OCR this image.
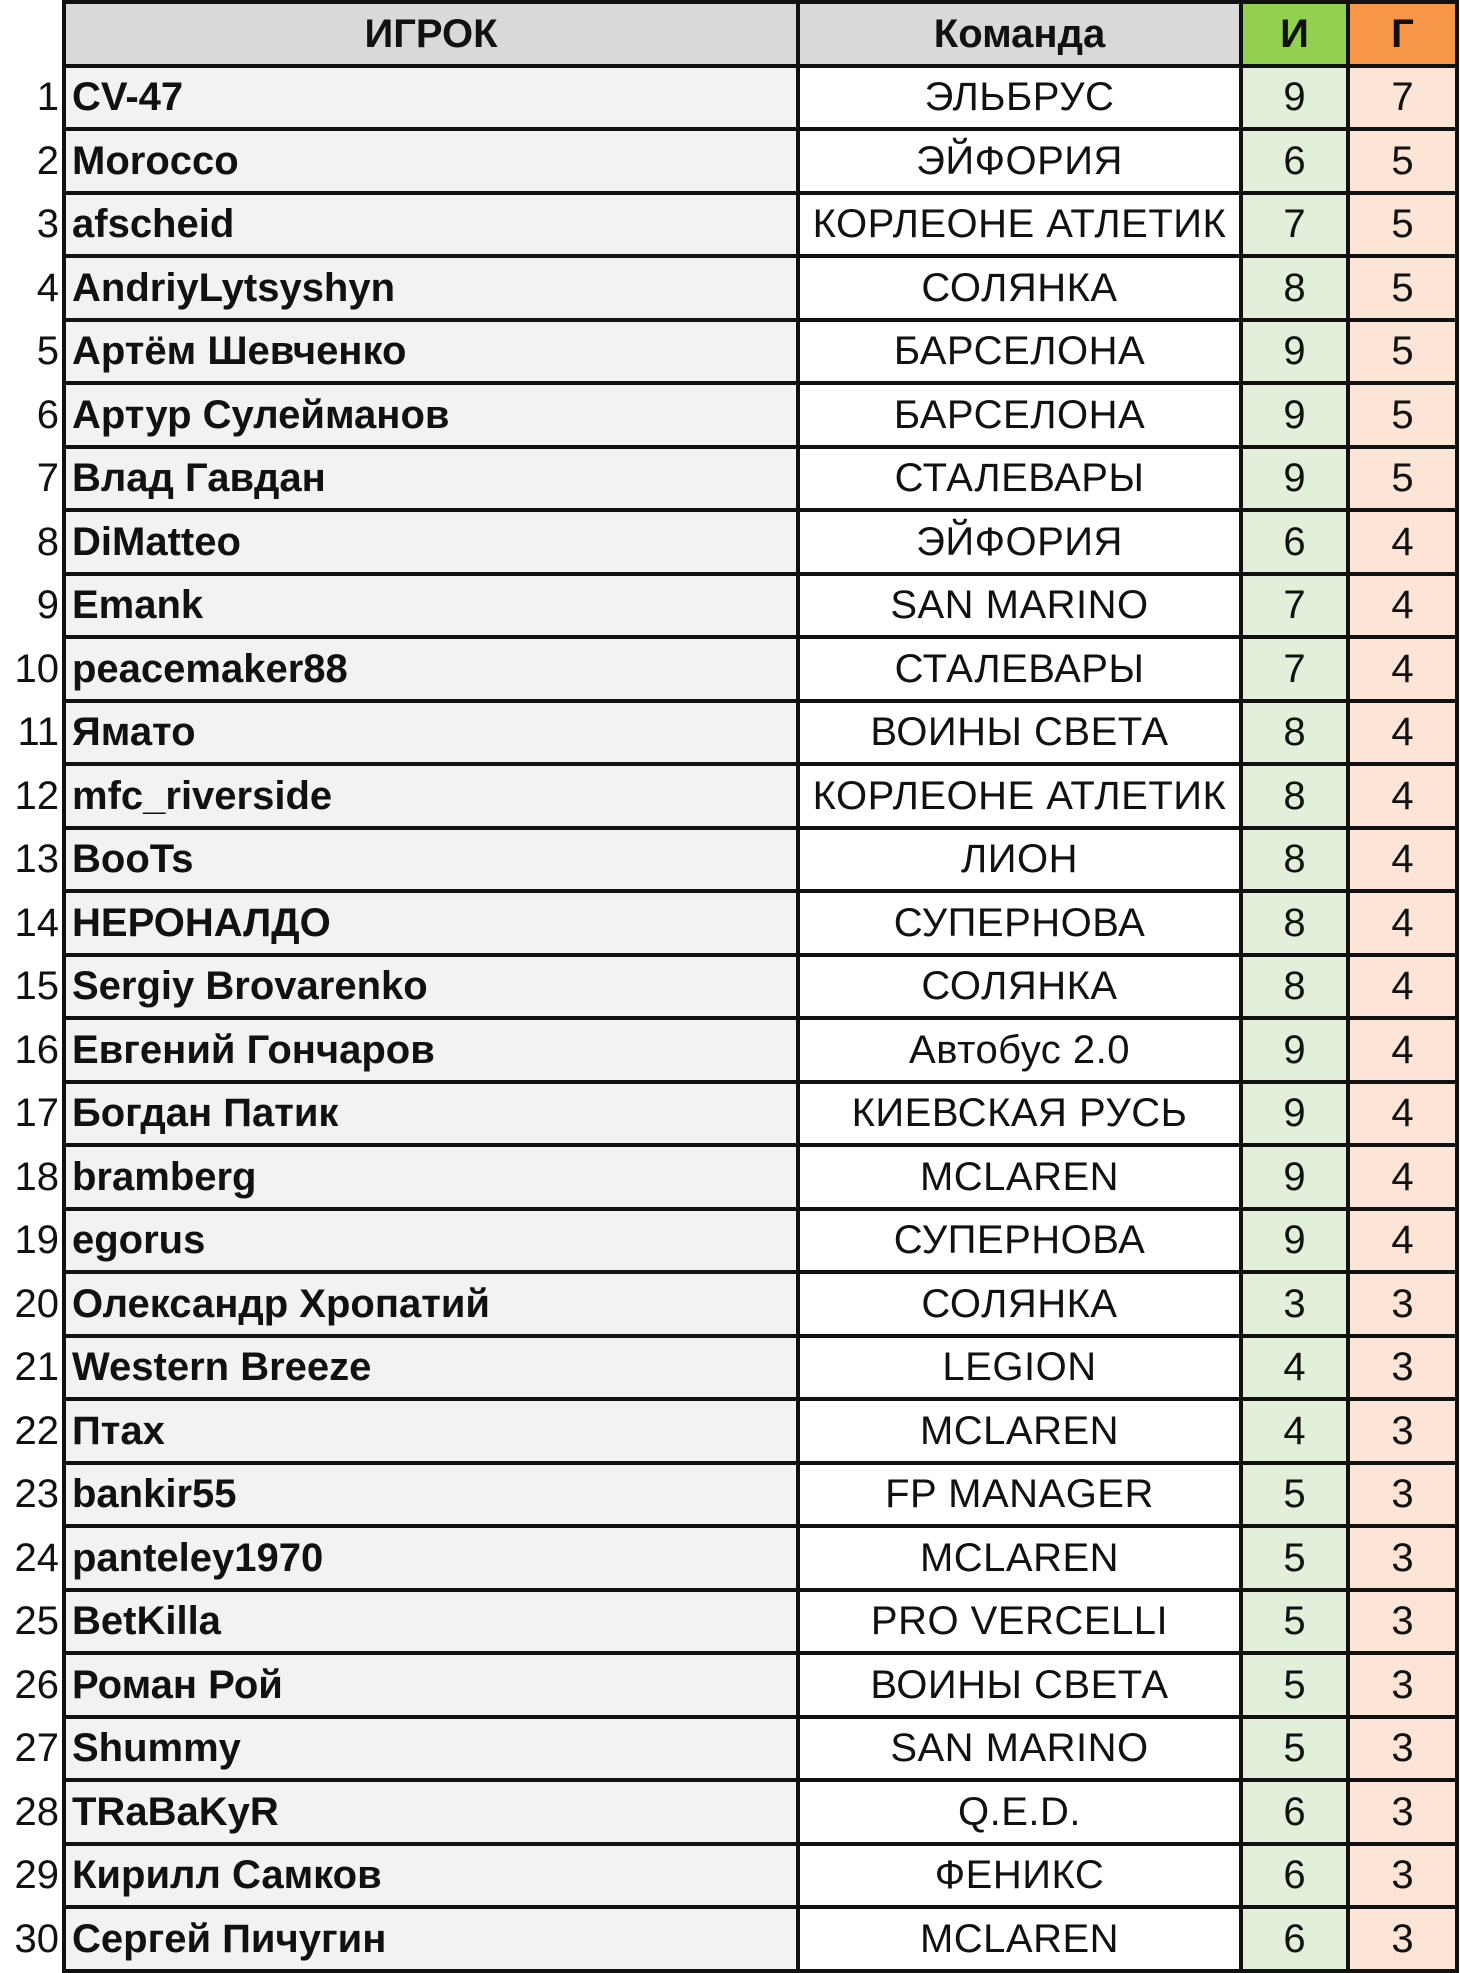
	ИГРОК	Команда	И	Г
1	CV-47	ЭЛЬБРУС	9	7
2	Morocco	ЭЙФОРИЯ	6	5
3	afscheid	КОРЛЕОНЕ АТЛЕТИК	7	5
4	AndriyLytsyshyn	СОЛЯНКА	8	5
5	Артём Шевченко	БАРСЕЛОНА	9	5
6	Артур Сулейманов	БАРСЕЛОНА	9	5
7	Влад Гавдан	СТАЛЕВАРЫ	9	5
8	DiMatteo	ЭЙФОРИЯ	6	4
9	Emank	SAN MARINO	7	4
10	peacemaker88	СТАЛЕВАРЫ	7	4
11	Ямато	ВОИНЫ СВЕТА	8	4
12	mfc_riverside	КОРЛЕОНЕ АТЛЕТИК	8	4
13	BooTs	ЛИОН	8	4
14	НЕРОНАЛДО	СУПЕРНОВА	8	4
15	Sergiy Brovarenko	СОЛЯНКА	8	4
16	Евгений Гончаров	Автобус 2.0	9	4
17	Богдан Патик	КИЕВСКАЯ РУСЬ	9	4
18	bramberg	MCLAREN	9	4
19	egorus	СУПЕРНОВА	9	4
20	Олександр Хропатий	СОЛЯНКА	3	3
21	Western Breeze	LEGION	4	3
22	Птах	MCLAREN	4	3
23	bankir55	FP MANAGER	5	3
24	panteley1970	MCLAREN	5	3
25	BetKilla	PRO VERCELLI	5	3
26	Роман Рой	ВОИНЫ СВЕТА	5	3
27	Shummy	SAN MARINO	5	3
28	TRaBaKyR	Q.E.D.	6	3
29	Кирилл Самков	ФЕНИКС	6	3
30	Сергей Пичугин	MCLAREN	6	3
